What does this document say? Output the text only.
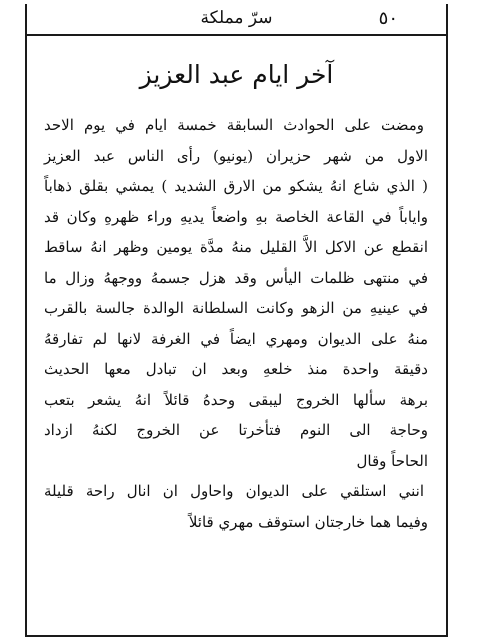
٥٠
سرّ مملكة
آخر ايام عبد العزيز
ومضت على الحوادث السابقة خمسة ايام في يوم الاحد
الاول من شهر حزيران (يونيو) رأى الناس عبد العزيز
( الذي شاع انهُ يشكو من الارق الشديد ) يمشي بقلق ذهاباً
واياباً في القاعة الخاصة بهِ واضعاً يديهِ وراء ظهرهِ وكان قد
انقطع عن الاكل الاَّ القليل منهُ مدَّة يومين وظهر انهُ ساقط
في منتهى ظلمات اليأس وقد هزل جسمهُ ووجههُ وزال ما
في عينيهِ من الزهو وكانت السلطانة الوالدة جالسة بالقرب
منهُ على الديوان ومهري ايضاً في الغرفة لانها لم تفارقهُ
دقيقة واحدة منذ خلعهِ وبعد ان تبادل معها الحديث
برهة سألها الخروج ليبقى وحدهُ قائلاً انهُ يشعر بتعب
وحاجة الى النوم فتأخرتا عن الخروج لكنهُ ازداد
الحاحاً وقال
انني استلقي على الديوان واحاول ان انال راحة قليلة
وفيما هما خارجتان استوقف مهري قائلاً
